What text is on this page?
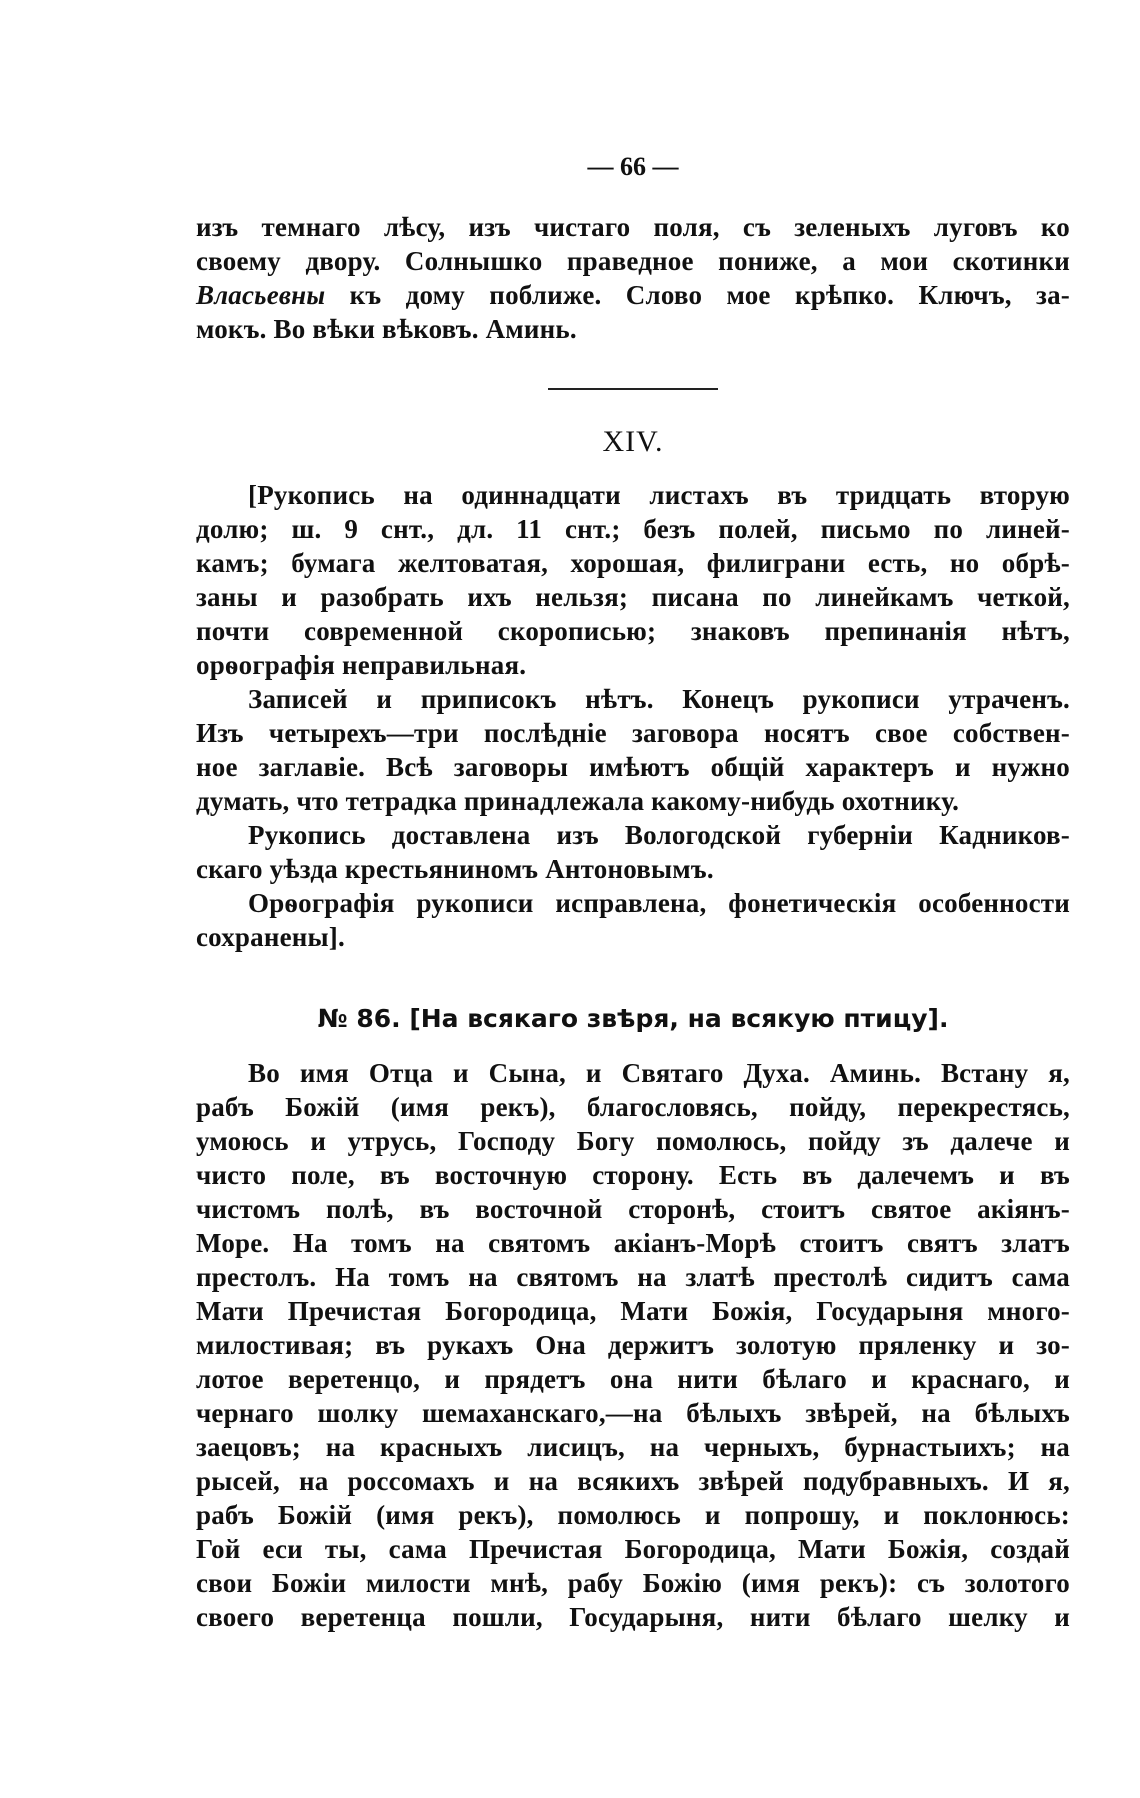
— 66 —
изъ темнаго лѣсу, изъ чистаго поля, съ зеленыхъ луговъ ко
своему двору. Солнышко праведное пониже, а мои скотинки
Власьевны къ дому поближе. Слово мое крѣпко. Ключъ, за-
мокъ. Во вѣки вѣковъ. Аминь.
XIV.
[Рукопись на одиннадцати листахъ въ тридцать вторую
долю; ш. 9 снт., дл. 11 снт.; безъ полей, письмо по линей-
камъ; бумага желтоватая, хорошая, филиграни есть, но обрѣ-
заны и разобрать ихъ нельзя; писана по линейкамъ четкой,
почти современной скорописью; знаковъ препинанія нѣтъ,
орѳографія неправильная.
Записей и приписокъ нѣтъ. Конецъ рукописи утраченъ.
Изъ четырехъ—три послѣдніе заговора носятъ свое собствен-
ное заглавіе. Всѣ заговоры имѣютъ общій характеръ и нужно
думать, что тетрадка принадлежала какому-нибудь охотнику.
Рукопись доставлена изъ Вологодской губерніи Кадников-
скаго уѣзда крестьяниномъ Антоновымъ.
Орѳографія рукописи исправлена, фонетическія особенности
сохранены].
№ 86. [На всякаго звѣря, на всякую птицу].
Во имя Отца и Сына, и Святаго Духа. Аминь. Встану я,
рабъ Божій (имя рекъ), благословясь, пойду, перекрестясь,
умоюсь и утрусь, Господу Богу помолюсь, пойду зъ далече и
чисто поле, въ восточную сторону. Есть въ далечемъ и въ
чистомъ полѣ, въ восточной сторонѣ, стоитъ святое акіянъ-
Море. На томъ на святомъ акіанъ-Морѣ стоитъ святъ златъ
престолъ. На томъ на святомъ на златѣ престолѣ сидитъ сама
Мати Пречистая Богородица, Мати Божія, Государыня много-
милостивая; въ рукахъ Она держитъ золотую пряленку и зо-
лотое веретенцо, и прядетъ она нити бѣлаго и краснаго, и
чернаго шолку шемаханскаго,—на бѣлыхъ звѣрей, на бѣлыхъ
заецовъ; на красныхъ лисицъ, на черныхъ, бурнастыихъ; на
рысей, на россомахъ и на всякихъ звѣрей подубравныхъ. И я,
рабъ Божій (имя рекъ), помолюсь и попрошу, и поклонюсь:
Гой еси ты, сама Пречистая Богородица, Мати Божія, создай
свои Божіи милости мнѣ, рабу Божію (имя рекъ): съ золотого
своего веретенца пошли, Государыня, нити бѣлаго шелку и
